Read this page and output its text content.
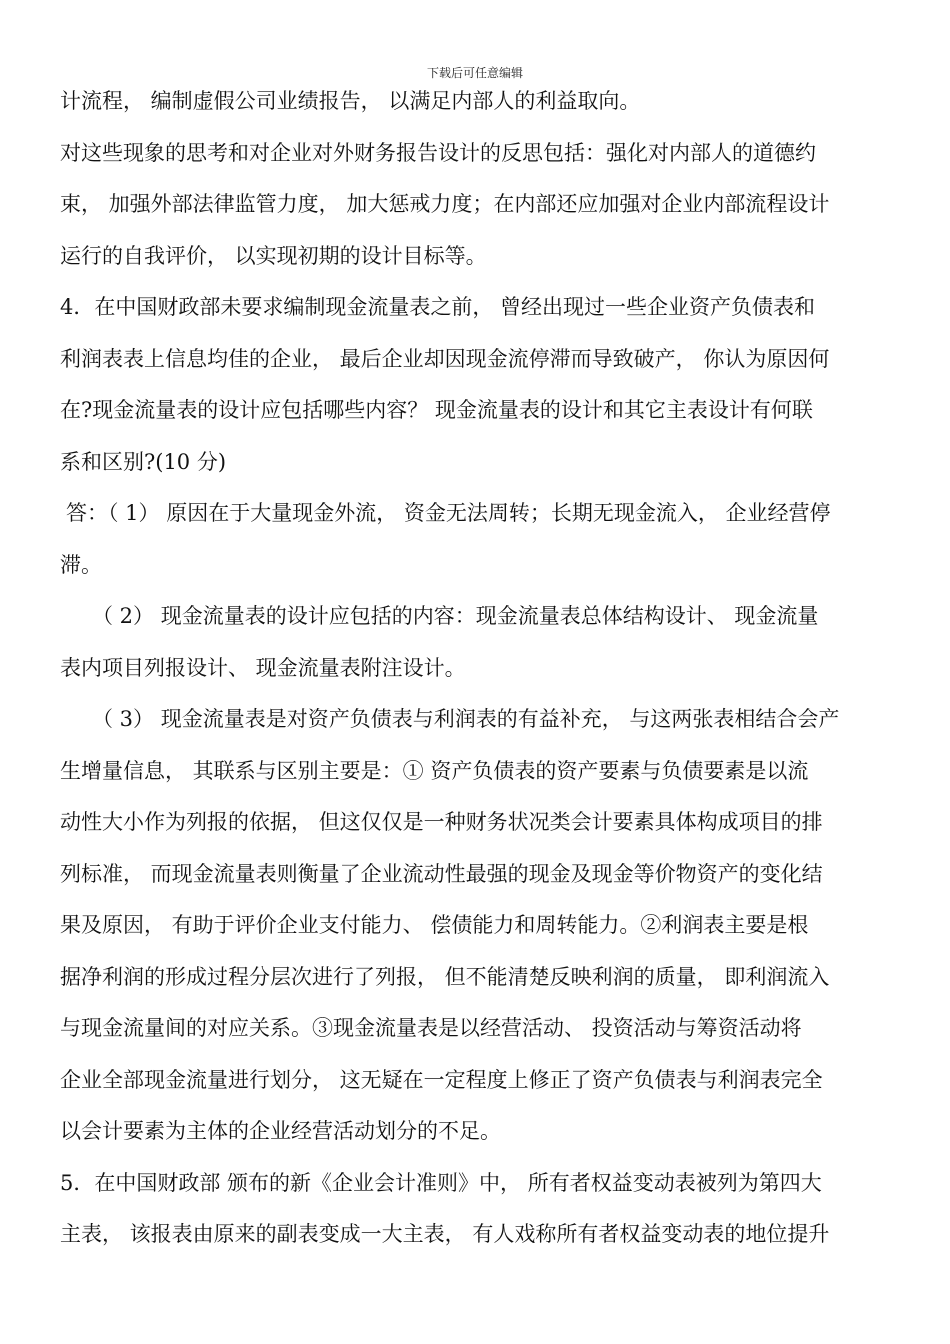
下载后可任意编辑
计流程， 编制虚假公司业绩报告， 以满足内部人的利益取向。
对这些现象的思考和对企业对外财务报告设计的反思包括：强化对内部人的道德约
束， 加强外部法律监管力度， 加大惩戒力度；在内部还应加强对企业内部流程设计
运行的自我评价， 以实现初期的设计目标等。
4．在中国财政部未要求编制现金流量表之前， 曾经出现过一些企业资产负债表和
利润表表上信息均佳的企业， 最后企业却因现金流停滞而导致破产， 你认为原因何
在?现金流量表的设计应包括哪些内容？ 现金流量表的设计和其它主表设计有何联
系和区别?(10 分)
答：（ 1） 原因在于大量现金外流， 资金无法周转；长期无现金流入， 企业经营停
滞。
（ 2） 现金流量表的设计应包括的内容：现金流量表总体结构设计、 现金流量
表内项目列报设计、 现金流量表附注设计。
（ 3） 现金流量表是对资产负债表与利润表的有益补充， 与这两张表相结合会产
生增量信息， 其联系与区别主要是：① 资产负债表的资产要素与负债要素是以流
动性大小作为列报的依据， 但这仅仅是一种财务状况类会计要素具体构成项目的排
列标准， 而现金流量表则衡量了企业流动性最强的现金及现金等价物资产的变化结
果及原因， 有助于评价企业支付能力、 偿债能力和周转能力。②利润表主要是根
据净利润的形成过程分层次进行了列报， 但不能清楚反映利润的质量， 即利润流入
与现金流量间的对应关系。③现金流量表是以经营活动、 投资活动与筹资活动将
企业全部现金流量进行划分， 这无疑在一定程度上修正了资产负债表与利润表完全
以会计要素为主体的企业经营活动划分的不足。
5．在中国财政部 颁布的新《企业会计准则》中， 所有者权益变动表被列为第四大
主表， 该报表由原来的副表变成一大主表， 有人戏称所有者权益变动表的地位提升
